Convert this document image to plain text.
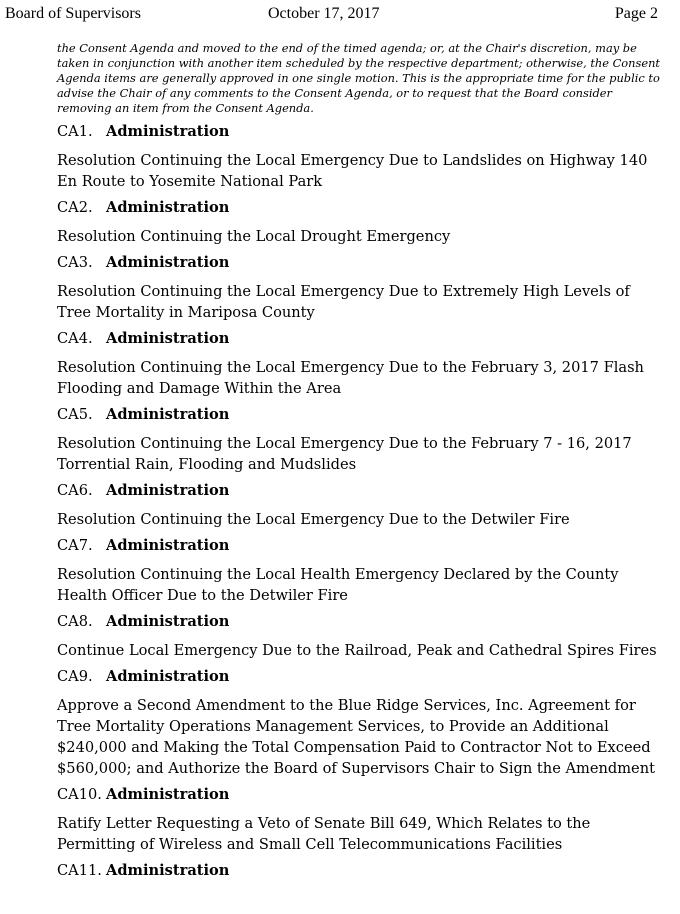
Board of Supervisors	October 17, 2017	Page 2

the Consent Agenda and moved to the end of the timed agenda; or, at the Chair's discretion, may be taken in conjunction with another item scheduled by the respective department; otherwise, the Consent Agenda items are generally approved in one single motion. This is the appropriate time for the public to advise the Chair of any comments to the Consent Agenda, or to request that the Board consider removing an item from the Consent Agenda.

CA1. Administration
Resolution Continuing the Local Emergency Due to Landslides on Highway 140 En Route to Yosemite National Park
CA2. Administration
Resolution Continuing the Local Drought Emergency
CA3. Administration
Resolution Continuing the Local Emergency Due to Extremely High Levels of Tree Mortality in Mariposa County
CA4. Administration
Resolution Continuing the Local Emergency Due to the February 3, 2017 Flash Flooding and Damage Within the Area
CA5. Administration
Resolution Continuing the Local Emergency Due to the February 7 - 16, 2017 Torrential Rain, Flooding and Mudslides
CA6. Administration
Resolution Continuing the Local Emergency Due to the Detwiler Fire
CA7. Administration
Resolution Continuing the Local Health Emergency Declared by the County Health Officer Due to the Detwiler Fire
CA8. Administration
Continue Local Emergency Due to the Railroad, Peak and Cathedral Spires Fires
CA9. Administration
Approve a Second Amendment to the Blue Ridge Services, Inc. Agreement for Tree Mortality Operations Management Services, to Provide an Additional $240,000 and Making the Total Compensation Paid to Contractor Not to Exceed $560,000; and Authorize the Board of Supervisors Chair to Sign the Amendment
CA10. Administration
Ratify Letter Requesting a Veto of Senate Bill 649, Which Relates to the Permitting of Wireless and Small Cell Telecommunications Facilities
CA11. Administration
